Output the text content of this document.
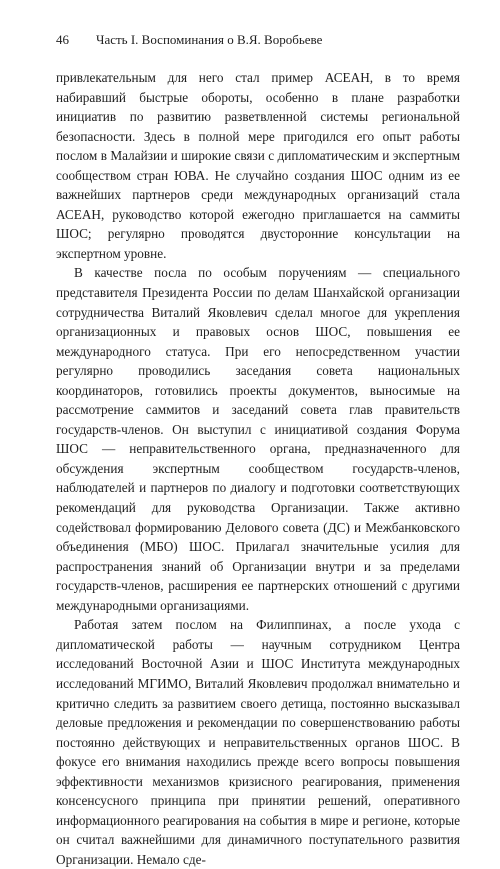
46	Часть I. Воспоминания о В.Я. Воробьеве

привлекательным для него стал пример АСЕАН, в то время набиравший быстрые обороты, особенно в плане разработки инициатив по развитию разветвленной системы региональной безопасности. Здесь в полной мере пригодился его опыт работы послом в Малайзии и широкие связи с дипломатическим и экспертным сообществом стран ЮВА. Не случайно создания ШОС одним из ее важнейших партнеров среди международных организаций стала АСЕАН, руководство которой ежегодно приглашается на саммиты ШОС; регулярно проводятся двусторонние консультации на экспертном уровне.

В качестве посла по особым поручениям — специального представителя Президента России по делам Шанхайской организации сотрудничества Виталий Яковлевич сделал многое для укрепления организационных и правовых основ ШОС, повышения ее международного статуса. При его непосредственном участии регулярно проводились заседания совета национальных координаторов, готовились проекты документов, выносимые на рассмотрение саммитов и заседаний совета глав правительств государств-членов. Он выступил с инициативой создания Форума ШОС — неправительственного органа, предназначенного для обсуждения экспертным сообществом государств-членов, наблюдателей и партнеров по диалогу и подготовки соответствующих рекомендаций для руководства Организации. Также активно содействовал формированию Делового совета (ДС) и Межбанковского объединения (МБО) ШОС. Прилагал значительные усилия для распространения знаний об Организации внутри и за пределами государств-членов, расширения ее партнерских отношений с другими международными организациями.

Работая затем послом на Филиппинах, а после ухода с дипломатической работы — научным сотрудником Центра исследований Восточной Азии и ШОС Института международных исследований МГИМО, Виталий Яковлевич продолжал внимательно и критично следить за развитием своего детища, постоянно высказывал деловые предложения и рекомендации по совершенствованию работы постоянно действующих и неправительственных органов ШОС. В фокусе его внимания находились прежде всего вопросы повышения эффективности механизмов кризисного реагирования, применения консенсусного принципа при принятии решений, оперативного информационного реагирования на события в мире и регионе, которые он считал важнейшими для динамичного поступательного развития Организации. Немало сде-
